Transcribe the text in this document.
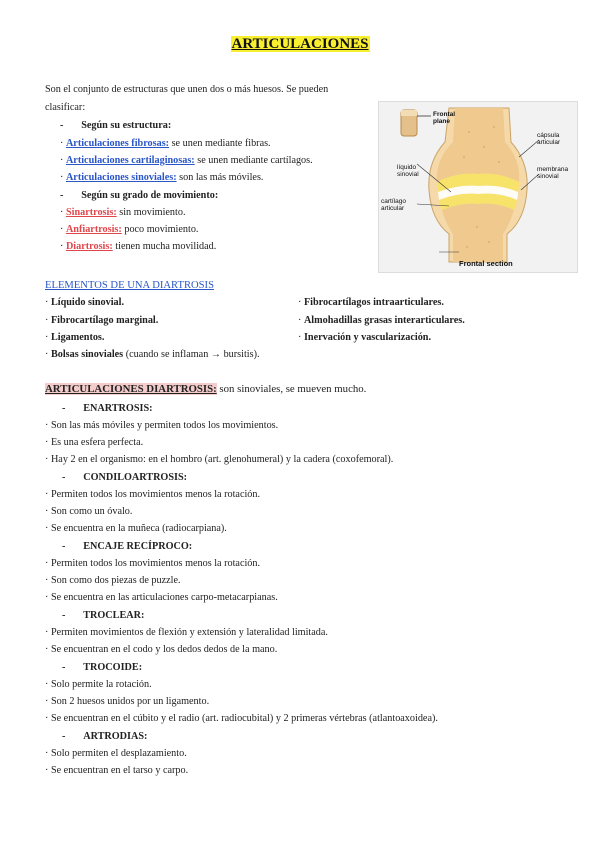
ARTICULACIONES
Son el conjunto de estructuras que unen dos o más huesos. Se pueden
clasificar:
-       Según su estructura:
· Articulaciones fibrosas: se unen mediante fibras.
· Articulaciones cartilaginosas: se unen mediante cartílagos.
· Articulaciones sinoviales: son las más móviles.
-       Según su grado de movimiento:
· Sinartrosis: sin movimiento.
· Anfiartrosis: poco movimiento.
· Diartrosis: tienen mucha movilidad.
Frontal plane
cápsula articular
líquido sinovial
membrana sinovial
cartílago articular
Frontal section
ELEMENTOS DE UNA DIARTROSIS
· Líquido sinovial.
· Fibrocartílago marginal.
· Ligamentos.
· Bolsas sinoviales (cuando se inflaman → bursitis).
· Fibrocartílagos intraarticulares.
· Almohadillas grasas interarticulares.
· Inervación y vascularización.
ARTICULACIONES DIARTROSIS: son sinoviales, se mueven mucho.
-       ENARTROSIS:
· Son las más móviles y permiten todos los movimientos.
· Es una esfera perfecta.
· Hay 2 en el organismo: en el hombro (art. glenohumeral) y la cadera (coxofemoral).
-       CONDILOARTROSIS:
· Permiten todos los movimientos menos la rotación.
· Son como un óvalo.
· Se encuentra en la muñeca (radiocarpiana).
-       ENCAJE RECÍPROCO:
· Permiten todos los movimientos menos la rotación.
· Son como dos piezas de puzzle.
· Se encuentra en las articulaciones carpo-metacarpianas.
-       TROCLEAR:
· Permiten movimientos de flexión y extensión y lateralidad limitada.
· Se encuentran en el codo y los dedos dedos de la mano.
-       TROCOIDE:
· Solo permite la rotación.
· Son 2 huesos unidos por un ligamento.
· Se encuentran en el cúbito y el radio (art. radiocubital) y 2 primeras vértebras (atlantoaxoidea).
-       ARTRODIAS:
· Solo permiten el desplazamiento.
· Se encuentran en el tarso y carpo.
